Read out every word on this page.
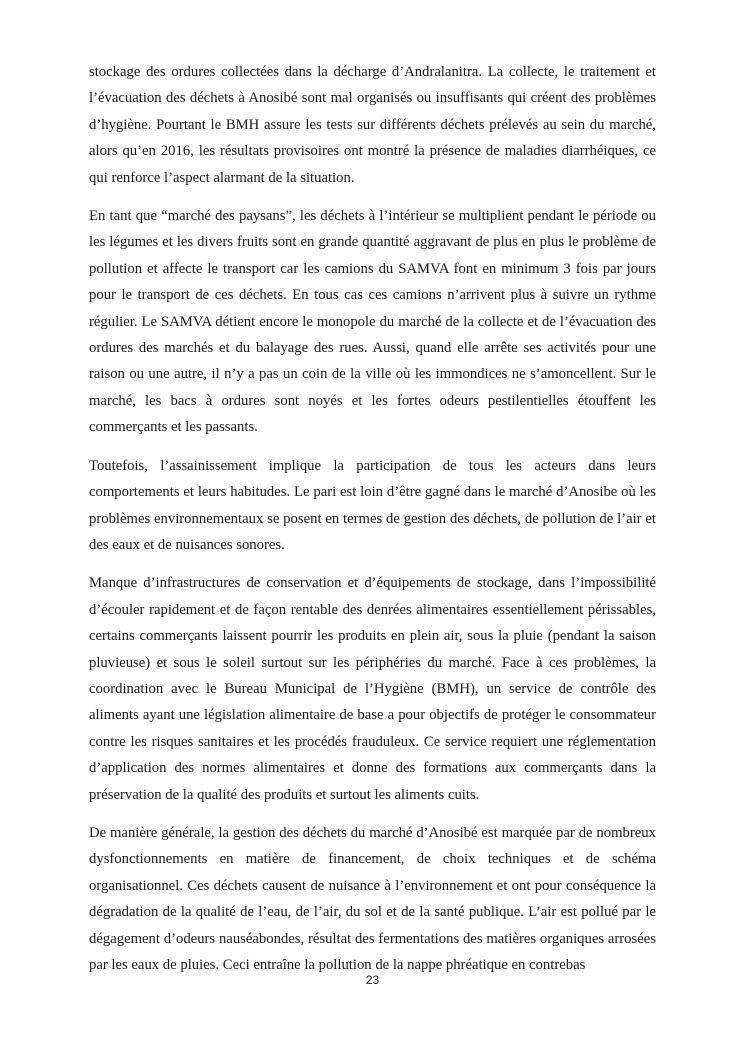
stockage des ordures collectées dans la décharge d’Andralanitra. La collecte, le traitement et l’évacuation des déchets à Anosibé sont mal organisés ou insuffisants qui créent des problèmes d’hygiène. Pourtant le BMH assure les tests sur différents déchets prélevés au sein du marché, alors qu’en 2016, les résultats provisoires ont montré la présence de maladies diarrhéiques, ce qui renforce l’aspect alarmant de la situation.

En tant que “marché des paysans”, les déchets à l’intérieur se multiplient pendant le période ou les légumes et les divers fruits sont en grande quantité aggravant de plus en plus le problème de pollution et affecte le transport car les camions du SAMVA font en minimum 3 fois par jours pour le transport de ces déchets. En tous cas ces camions n’arrivent plus à suivre un rythme régulier. Le SAMVA détient encore le monopole du marché de la collecte et de l’évacuation des ordures des marchés et du balayage des rues. Aussi, quand elle arrête ses activités pour une raison ou une autre, il n’y a pas un coin de la ville où les immondices ne s’amoncellent. Sur le marché, les bacs à ordures sont noyés et les fortes odeurs pestilentielles étouffent les commerçants et les passants.

Toutefois, l’assainissement implique la participation de tous les acteurs dans leurs comportements et leurs habitudes. Le pari est loin d’être gagné dans le marché d’Anosibe où les problèmes environnementaux se posent en termes de gestion des déchets, de pollution de l’air et des eaux et de nuisances sonores.

Manque d’infrastructures de conservation et d’équipements de stockage, dans l’impossibilité d’écouler rapidement et de façon rentable des denrées alimentaires essentiellement périssables, certains commerçants laissent pourrir les produits en plein air, sous la pluie (pendant la saison pluvieuse) et sous le soleil surtout sur les périphéries du marché. Face à ces problèmes, la coordination avec le Bureau Municipal de l’Hygiène (BMH), un service de contrôle des aliments ayant une législation alimentaire de base a pour objectifs de protéger le consommateur contre les risques sanitaires et les procédés frauduleux. Ce service requiert une réglementation d’application des normes alimentaires et donne des formations aux commerçants dans la préservation de la qualité des produits et surtout les aliments cuits.

De manière générale, la gestion des déchets du marché d’Anosibé est marquée par de nombreux dysfonctionnements en matière de financement, de choix techniques et de schéma organisationnel. Ces déchets causent de nuisance à l’environnement et ont pour conséquence la dégradation de la qualité de l’eau, de l’air, du sol et de la santé publique. L’air est pollué par le dégagement d’odeurs nauséabondes, résultat des fermentations des matières organiques arrosées par les eaux de pluies. Ceci entraîne la pollution de la nappe phréatique en contrebas

23
